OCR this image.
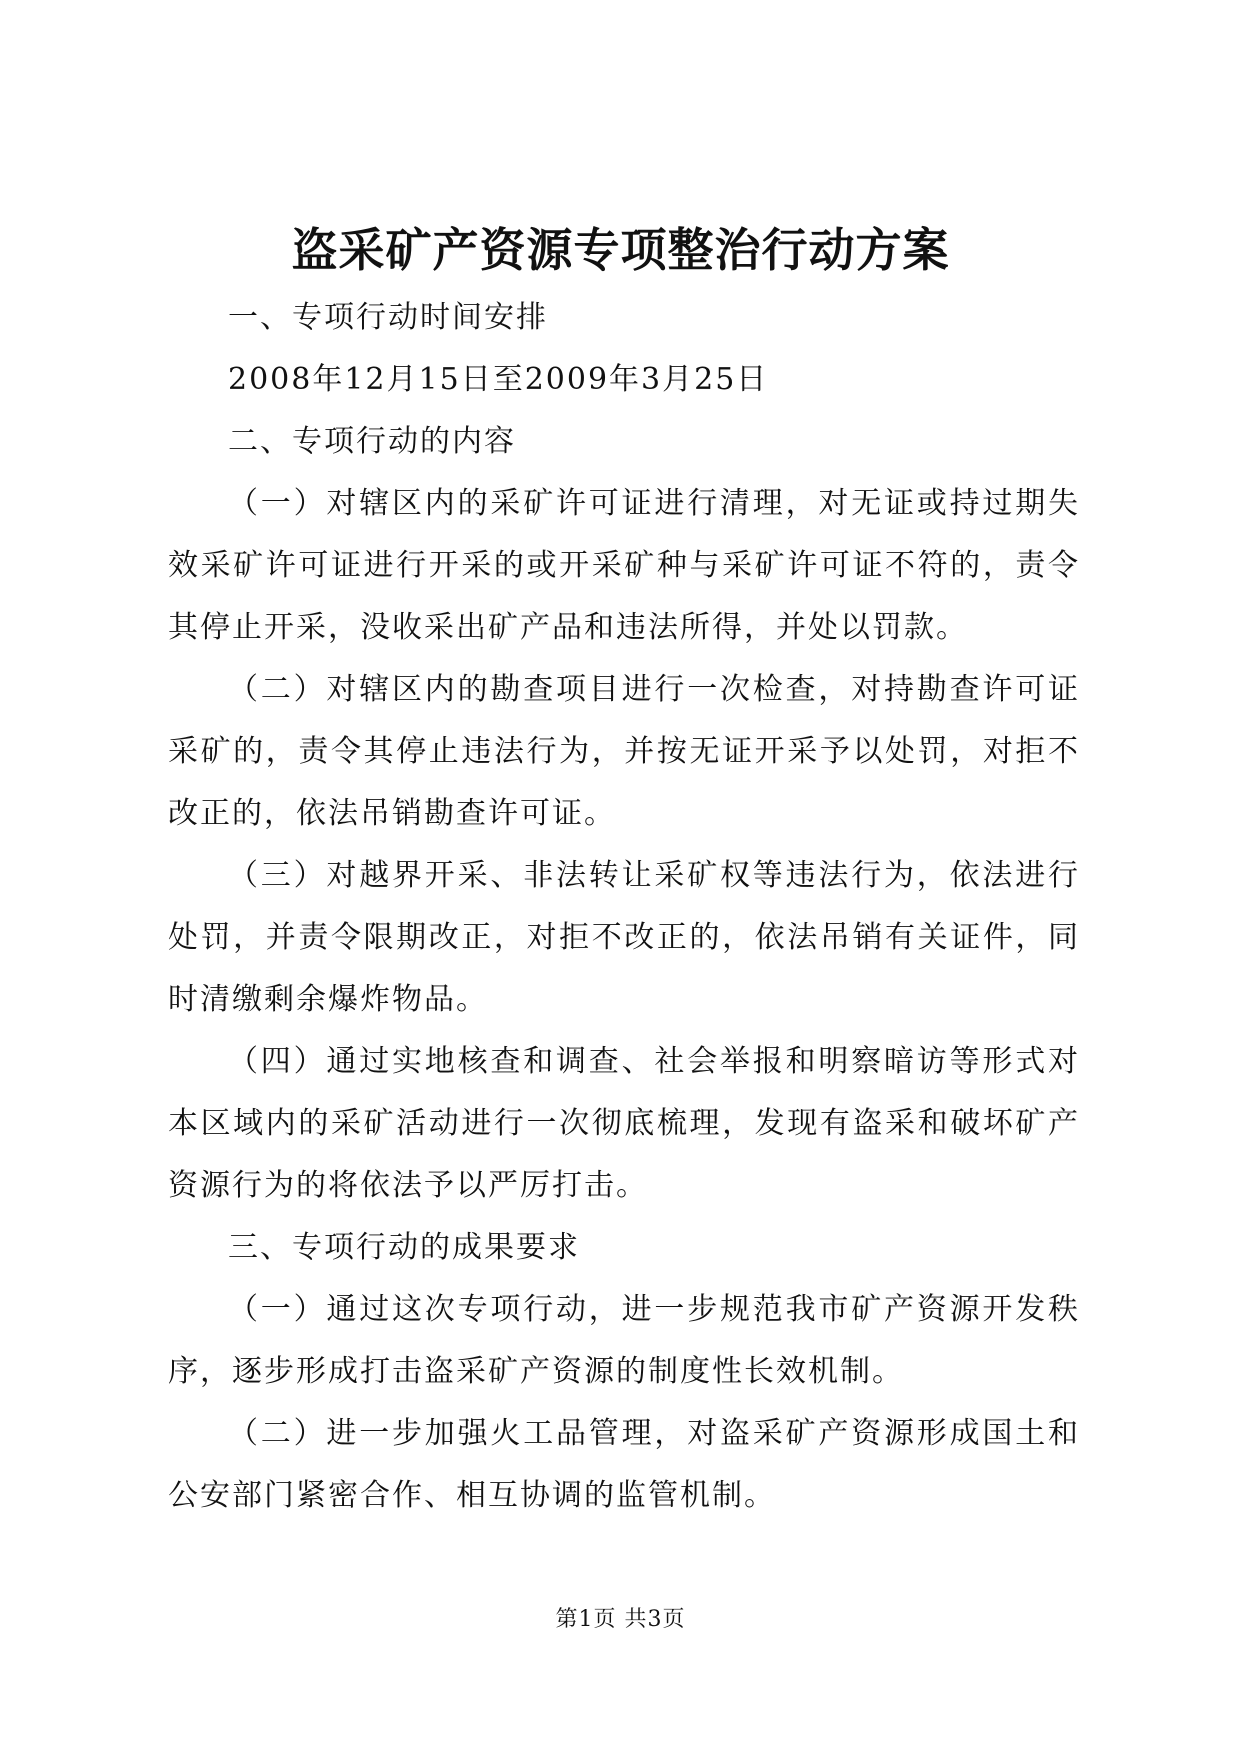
盗采矿产资源专项整治行动方案

一、专项行动时间安排

2008年12月15日至2009年3月25日

二、专项行动的内容

（一）对辖区内的采矿许可证进行清理，对无证或持过期失效采矿许可证进行开采的或开采矿种与采矿许可证不符的，责令其停止开采，没收采出矿产品和违法所得，并处以罚款。

（二）对辖区内的勘查项目进行一次检查，对持勘查许可证采矿的，责令其停止违法行为，并按无证开采予以处罚，对拒不改正的，依法吊销勘查许可证。

（三）对越界开采、非法转让采矿权等违法行为，依法进行处罚，并责令限期改正，对拒不改正的，依法吊销有关证件，同时清缴剩余爆炸物品。

（四）通过实地核查和调查、社会举报和明察暗访等形式对本区域内的采矿活动进行一次彻底梳理，发现有盗采和破坏矿产资源行为的将依法予以严厉打击。

三、专项行动的成果要求

（一）通过这次专项行动，进一步规范我市矿产资源开发秩序，逐步形成打击盗采矿产资源的制度性长效机制。

（二）进一步加强火工品管理，对盗采矿产资源形成国土和公安部门紧密合作、相互协调的监管机制。

第1页 共3页
